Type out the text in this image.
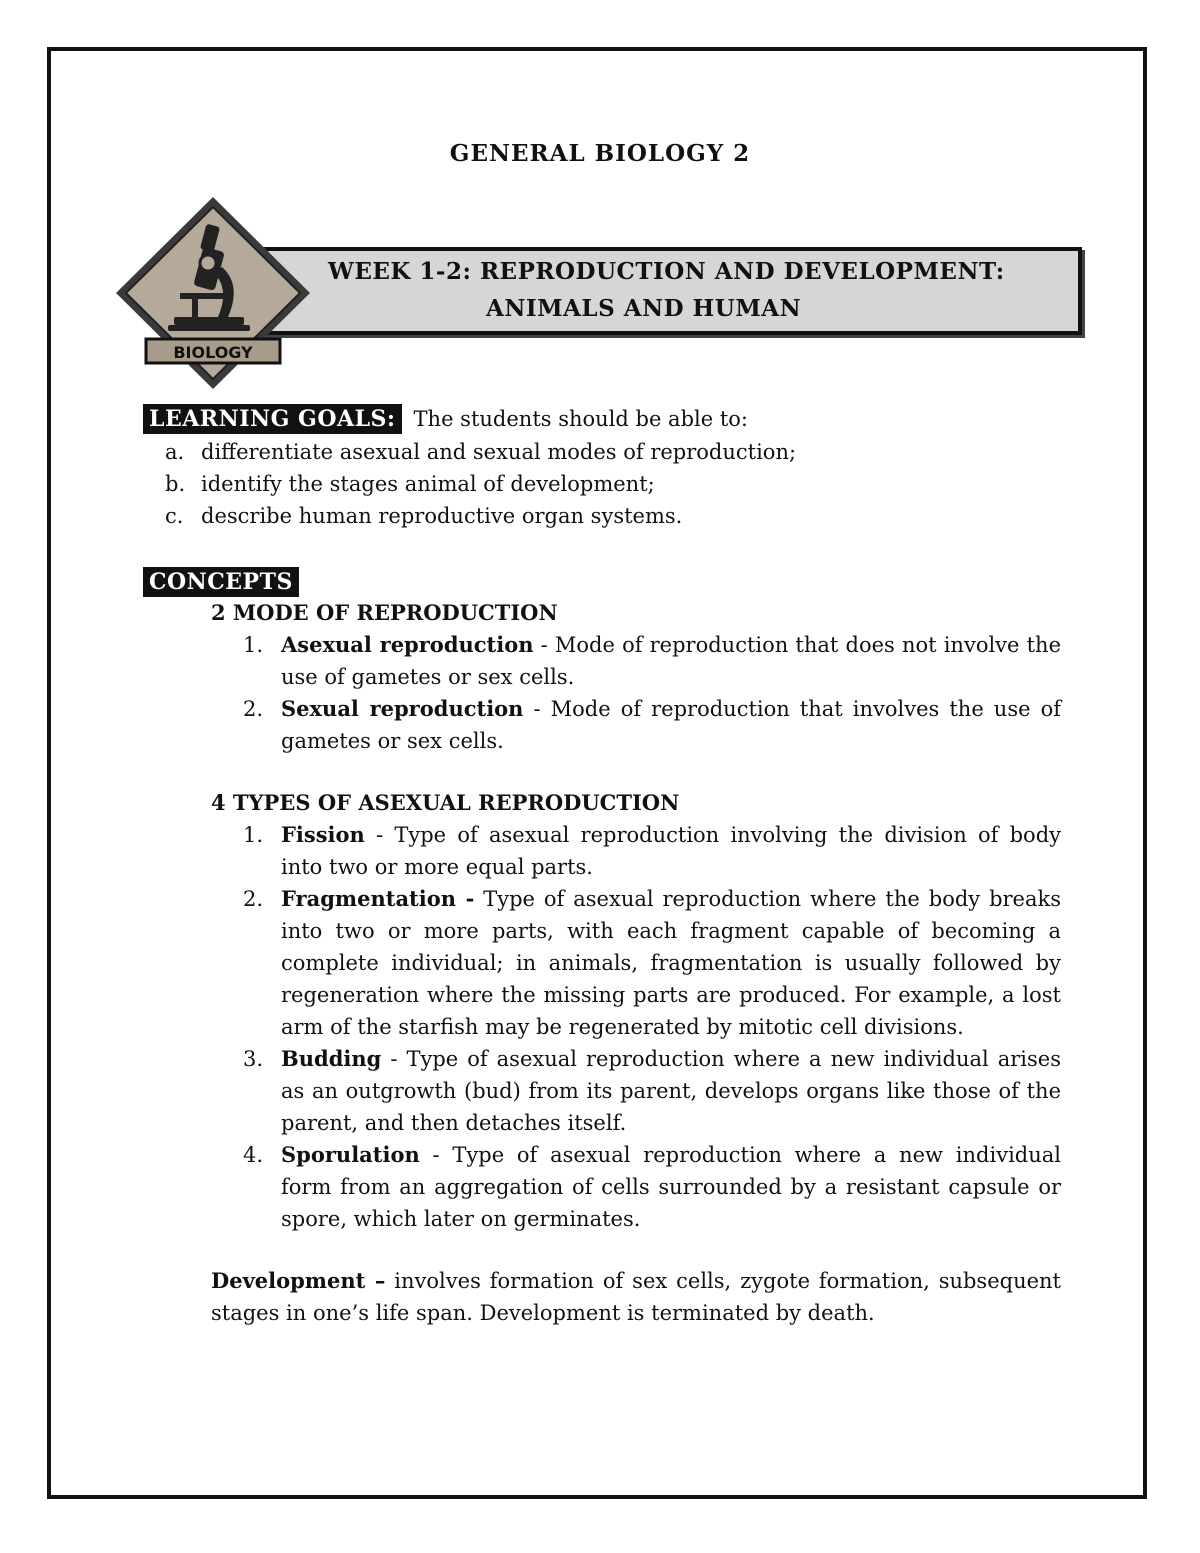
GENERAL BIOLOGY 2
WEEK 1-2: REPRODUCTION AND DEVELOPMENT:
ANIMALS AND HUMAN
BIOLOGY
LEARNING GOALS: The students should be able to:
a. differentiate asexual and sexual modes of reproduction;
b. identify the stages animal of development;
c. describe human reproductive organ systems.
CONCEPTS
2 MODE OF REPRODUCTION
1. Asexual reproduction - Mode of reproduction that does not involve the use of gametes or sex cells.
2. Sexual reproduction - Mode of reproduction that involves the use of gametes or sex cells.
4 TYPES OF ASEXUAL REPRODUCTION
1. Fission - Type of asexual reproduction involving the division of body into two or more equal parts.
2. Fragmentation - Type of asexual reproduction where the body breaks into two or more parts, with each fragment capable of becoming a complete individual; in animals, fragmentation is usually followed by regeneration where the missing parts are produced. For example, a lost arm of the starfish may be regenerated by mitotic cell divisions.
3. Budding - Type of asexual reproduction where a new individual arises as an outgrowth (bud) from its parent, develops organs like those of the parent, and then detaches itself.
4. Sporulation - Type of asexual reproduction where a new individual form from an aggregation of cells surrounded by a resistant capsule or spore, which later on germinates.
Development – involves formation of sex cells, zygote formation, subsequent stages in one’s life span. Development is terminated by death.
